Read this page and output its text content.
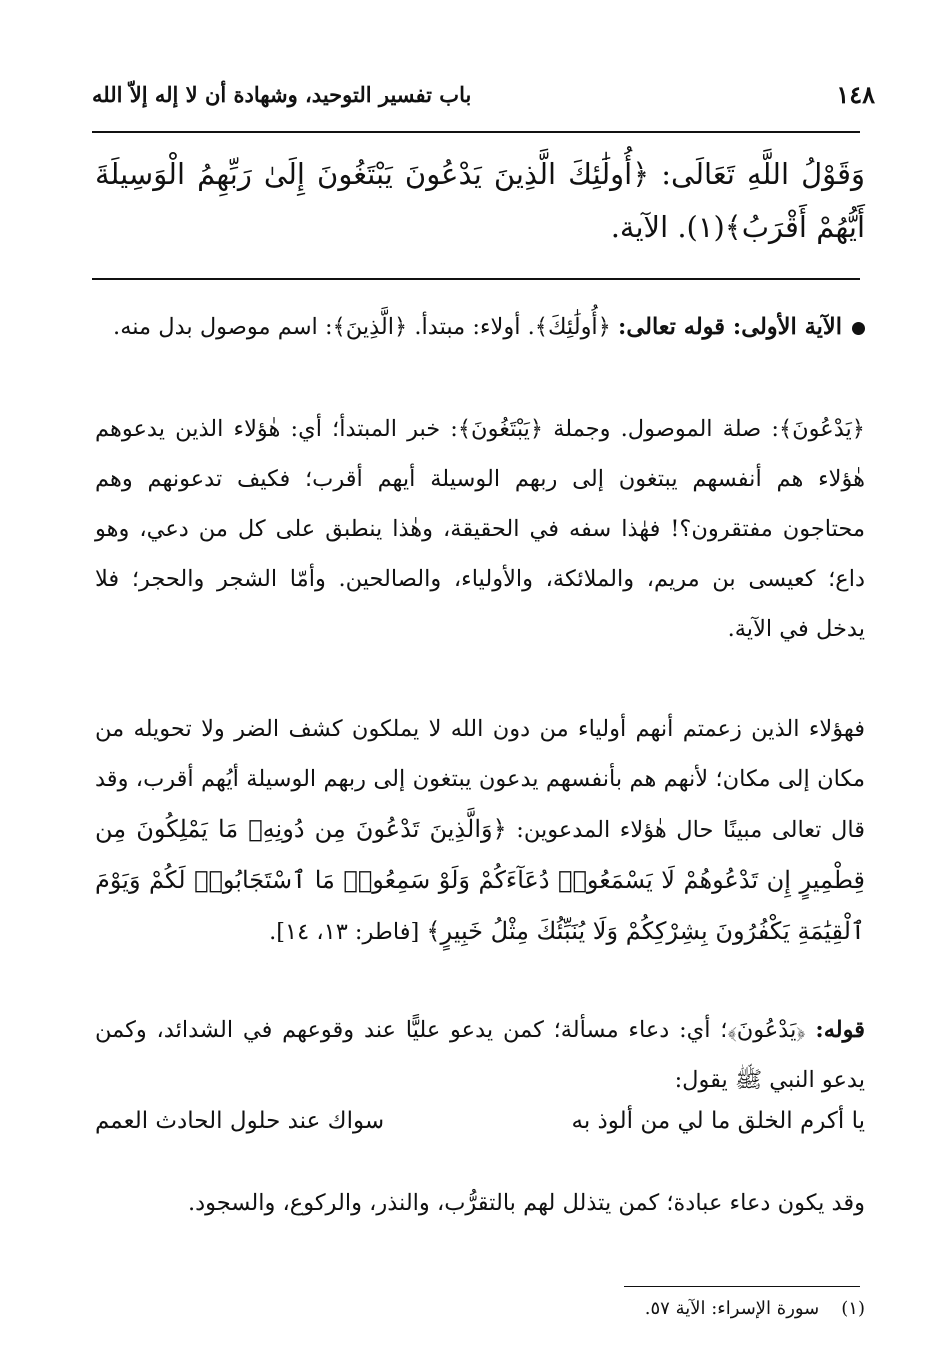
١٤٨
باب تفسير التوحيد، وشهادة أن لا إله إلاّ الله
وَقَوْلُ اللَّهِ تَعَالَى: ﴿أُولَٰئِكَ الَّذِينَ يَدْعُونَ يَبْتَغُونَ إِلَىٰ رَبِّهِمُ الْوَسِيلَةَ أَيُّهُمْ أَقْرَبُ﴾(١). الآية.
الآية الأولى: قوله تعالى: ﴿أُولَٰئِكَ﴾. أولاء: مبتدأ. ﴿الَّذِينَ﴾: اسم موصول بدل منه.
﴿يَدْعُونَ﴾: صلة الموصول. وجملة ﴿يَبْتَغُونَ﴾: خبر المبتدأ؛ أي: هٰؤلاء الذين يدعوهم هٰؤلاء هم أنفسهم يبتغون إلى ربهم الوسيلة أيهم أقرب؛ فكيف تدعونهم وهم محتاجون مفتقرون؟! فهٰذا سفه في الحقيقة، وهٰذا ينطبق على كل من دعي، وهو داع؛ كعيسى بن مريم، والملائكة، والأولياء، والصالحين. وأمّا الشجر والحجر؛ فلا يدخل في الآية.
فهؤلاء الذين زعمتم أنهم أولياء من دون الله لا يملكون كشف الضر ولا تحويله من مكان إلى مكان؛ لأنهم هم بأنفسهم يدعون يبتغون إلى ربهم الوسيلة أيُهم أقرب، وقد قال تعالى مبينًا حال هٰؤلاء المدعوين: ﴿وَالَّذِينَ تَدْعُونَ مِن دُونِهِۦ مَا يَمْلِكُونَ مِن قِطْمِيرٍ إِن تَدْعُوهُمْ لَا يَسْمَعُوا۟ دُعَآءَكُمْ وَلَوْ سَمِعُوا۟ مَا ٱسْتَجَابُوا۟ لَكُمْ وَيَوْمَ ٱلْقِيَٰمَةِ يَكْفُرُونَ بِشِرْكِكُمْ وَلَا يُنَبِّئُكَ مِثْلُ خَبِيرٍ﴾ [فاطر: ١٣، ١٤].
قوله: ﴿يَدْعُونَ﴾؛ أي: دعاء مسألة؛ كمن يدعو عليًّا عند وقوعهم في الشدائد، وكمن يدعو النبي ﷺ يقول:
يا أكرم الخلق ما لي من ألوذ به
سواك عند حلول الحادث العمم
وقد يكون دعاء عبادة؛ كمن يتذلل لهم بالتقرُّب، والنذر، والركوع، والسجود.
(١)
سورة الإسراء: الآية ٥٧.
